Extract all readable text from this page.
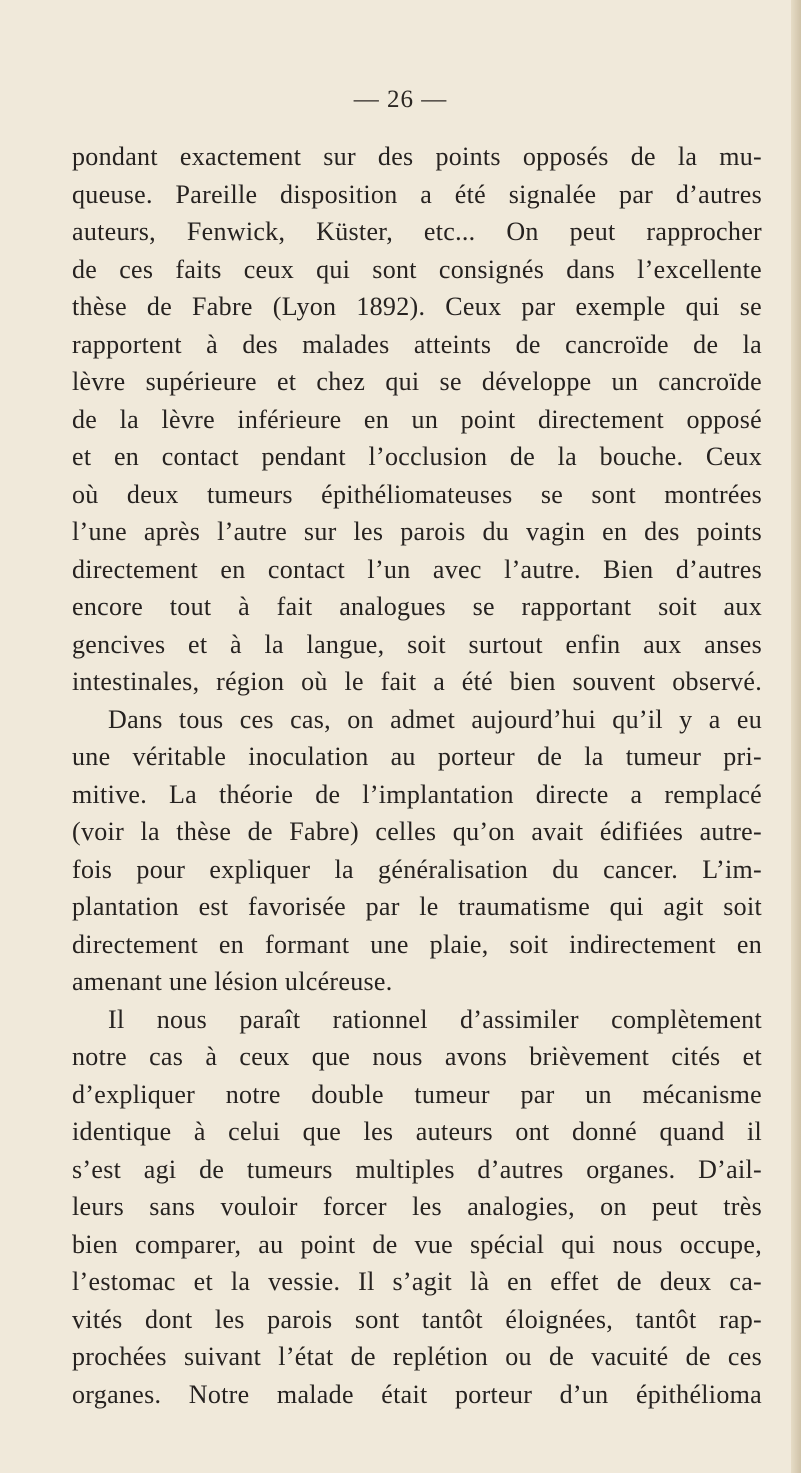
— 26 —
pondant exactement sur des points opposés de la mu-
queuse. Pareille disposition a été signalée par d’autres
auteurs, Fenwick, Küster, etc... On peut rapprocher
de ces faits ceux qui sont consignés dans l’excellente
thèse de Fabre (Lyon 1892). Ceux par exemple qui se
rapportent à des malades atteints de cancroïde de la
lèvre supérieure et chez qui se développe un cancroïde
de la lèvre inférieure en un point directement opposé
et en contact pendant l’occlusion de la bouche. Ceux
où deux tumeurs épithéliomateuses se sont montrées
l’une après l’autre sur les parois du vagin en des points
directement en contact l’un avec l’autre. Bien d’autres
encore tout à fait analogues se rapportant soit aux
gencives et à la langue, soit surtout enfin aux anses
intestinales, région où le fait a été bien souvent observé.
Dans tous ces cas, on admet aujourd’hui qu’il y a eu
une véritable inoculation au porteur de la tumeur pri-
mitive. La théorie de l’implantation directe a remplacé
(voir la thèse de Fabre) celles qu’on avait édifiées autre-
fois pour expliquer la généralisation du cancer. L’im-
plantation est favorisée par le traumatisme qui agit soit
directement en formant une plaie, soit indirectement en
amenant une lésion ulcéreuse.
Il nous paraît rationnel d’assimiler complètement
notre cas à ceux que nous avons brièvement cités et
d’expliquer notre double tumeur par un mécanisme
identique à celui que les auteurs ont donné quand il
s’est agi de tumeurs multiples d’autres organes. D’ail-
leurs sans vouloir forcer les analogies, on peut très
bien comparer, au point de vue spécial qui nous occupe,
l’estomac et la vessie. Il s’agit là en effet de deux ca-
vités dont les parois sont tantôt éloignées, tantôt rap-
prochées suivant l’état de replétion ou de vacuité de ces
organes. Notre malade était porteur d’un épithélioma
